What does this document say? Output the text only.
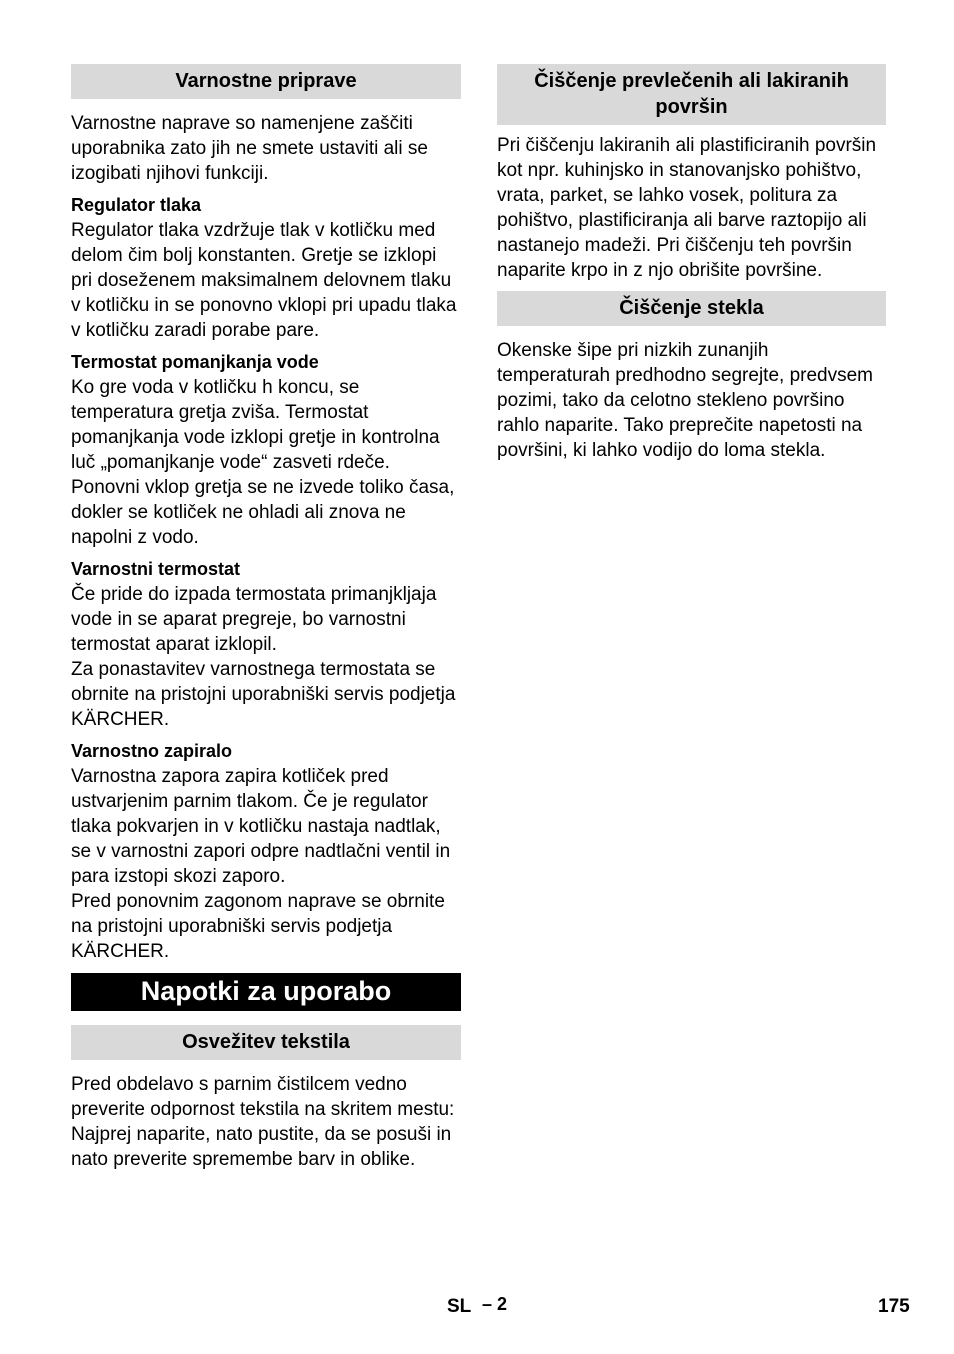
Varnostne priprave

Varnostne naprave so namenjene zaščiti uporabnika zato jih ne smete ustaviti ali se izogibati njihovi funkciji.

Regulator tlaka

Regulator tlaka vzdržuje tlak v kotličku med delom čim bolj konstanten. Gretje se izklopi pri doseženem maksimalnem delovnem tlaku v kotličku in se ponovno vklopi pri upadu tlaka v kotličku zaradi porabe pare.

Termostat pomanjkanja vode

Ko gre voda v kotličku h koncu, se temperatura gretja zviša. Termostat pomanjkanja vode izklopi gretje in kontrolna luč „pomanjkanje vode“ zasveti rdeče. Ponovni vklop gretja se ne izvede toliko časa, dokler se kotliček ne ohladi ali znova ne napolni z vodo.

Varnostni termostat

Če pride do izpada termostata primanjkljaja vode in se aparat pregreje, bo varnostni termostat aparat izklopil.

Za ponastavitev varnostnega termostata se obrnite na pristojni uporabniški servis podjetja KÄRCHER.

Varnostno zapiralo

Varnostna zapora zapira kotliček pred ustvarjenim parnim tlakom. Če je regulator tlaka pokvarjen in v kotličku nastaja nadtlak, se v varnostni zapori odpre nadtlačni ventil in para izstopi skozi zaporo.

Pred ponovnim zagonom naprave se obrnite na pristojni uporabniški servis podjetja KÄRCHER.

Napotki za uporabo
Osvežitev tekstila

Pred obdelavo s parnim čistilcem vedno preverite odpornost tekstila na skritem mestu: Najprej naparite, nato pustite, da se posuši in nato preverite spremembe barv in oblike.

Čiščenje prevlečenih ali lakiranih površin

Pri čiščenju lakiranih ali plastificiranih površin kot npr. kuhinjsko in stanovanjsko pohištvo, vrata, parket, se lahko vosek, politura za pohištvo, plastificiranja ali barve raztopijo ali nastanejo madeži. Pri čiščenju teh površin naparite krpo in z njo obrišite površine.

Čiščenje stekla

Okenske šipe pri nizkih zunanjih temperaturah predhodno segrejte, predvsem pozimi, tako da celotno stekleno površino rahlo naparite. Tako preprečite napetosti na površini, ki lahko vodijo do loma stekla.

SL – 2	175
